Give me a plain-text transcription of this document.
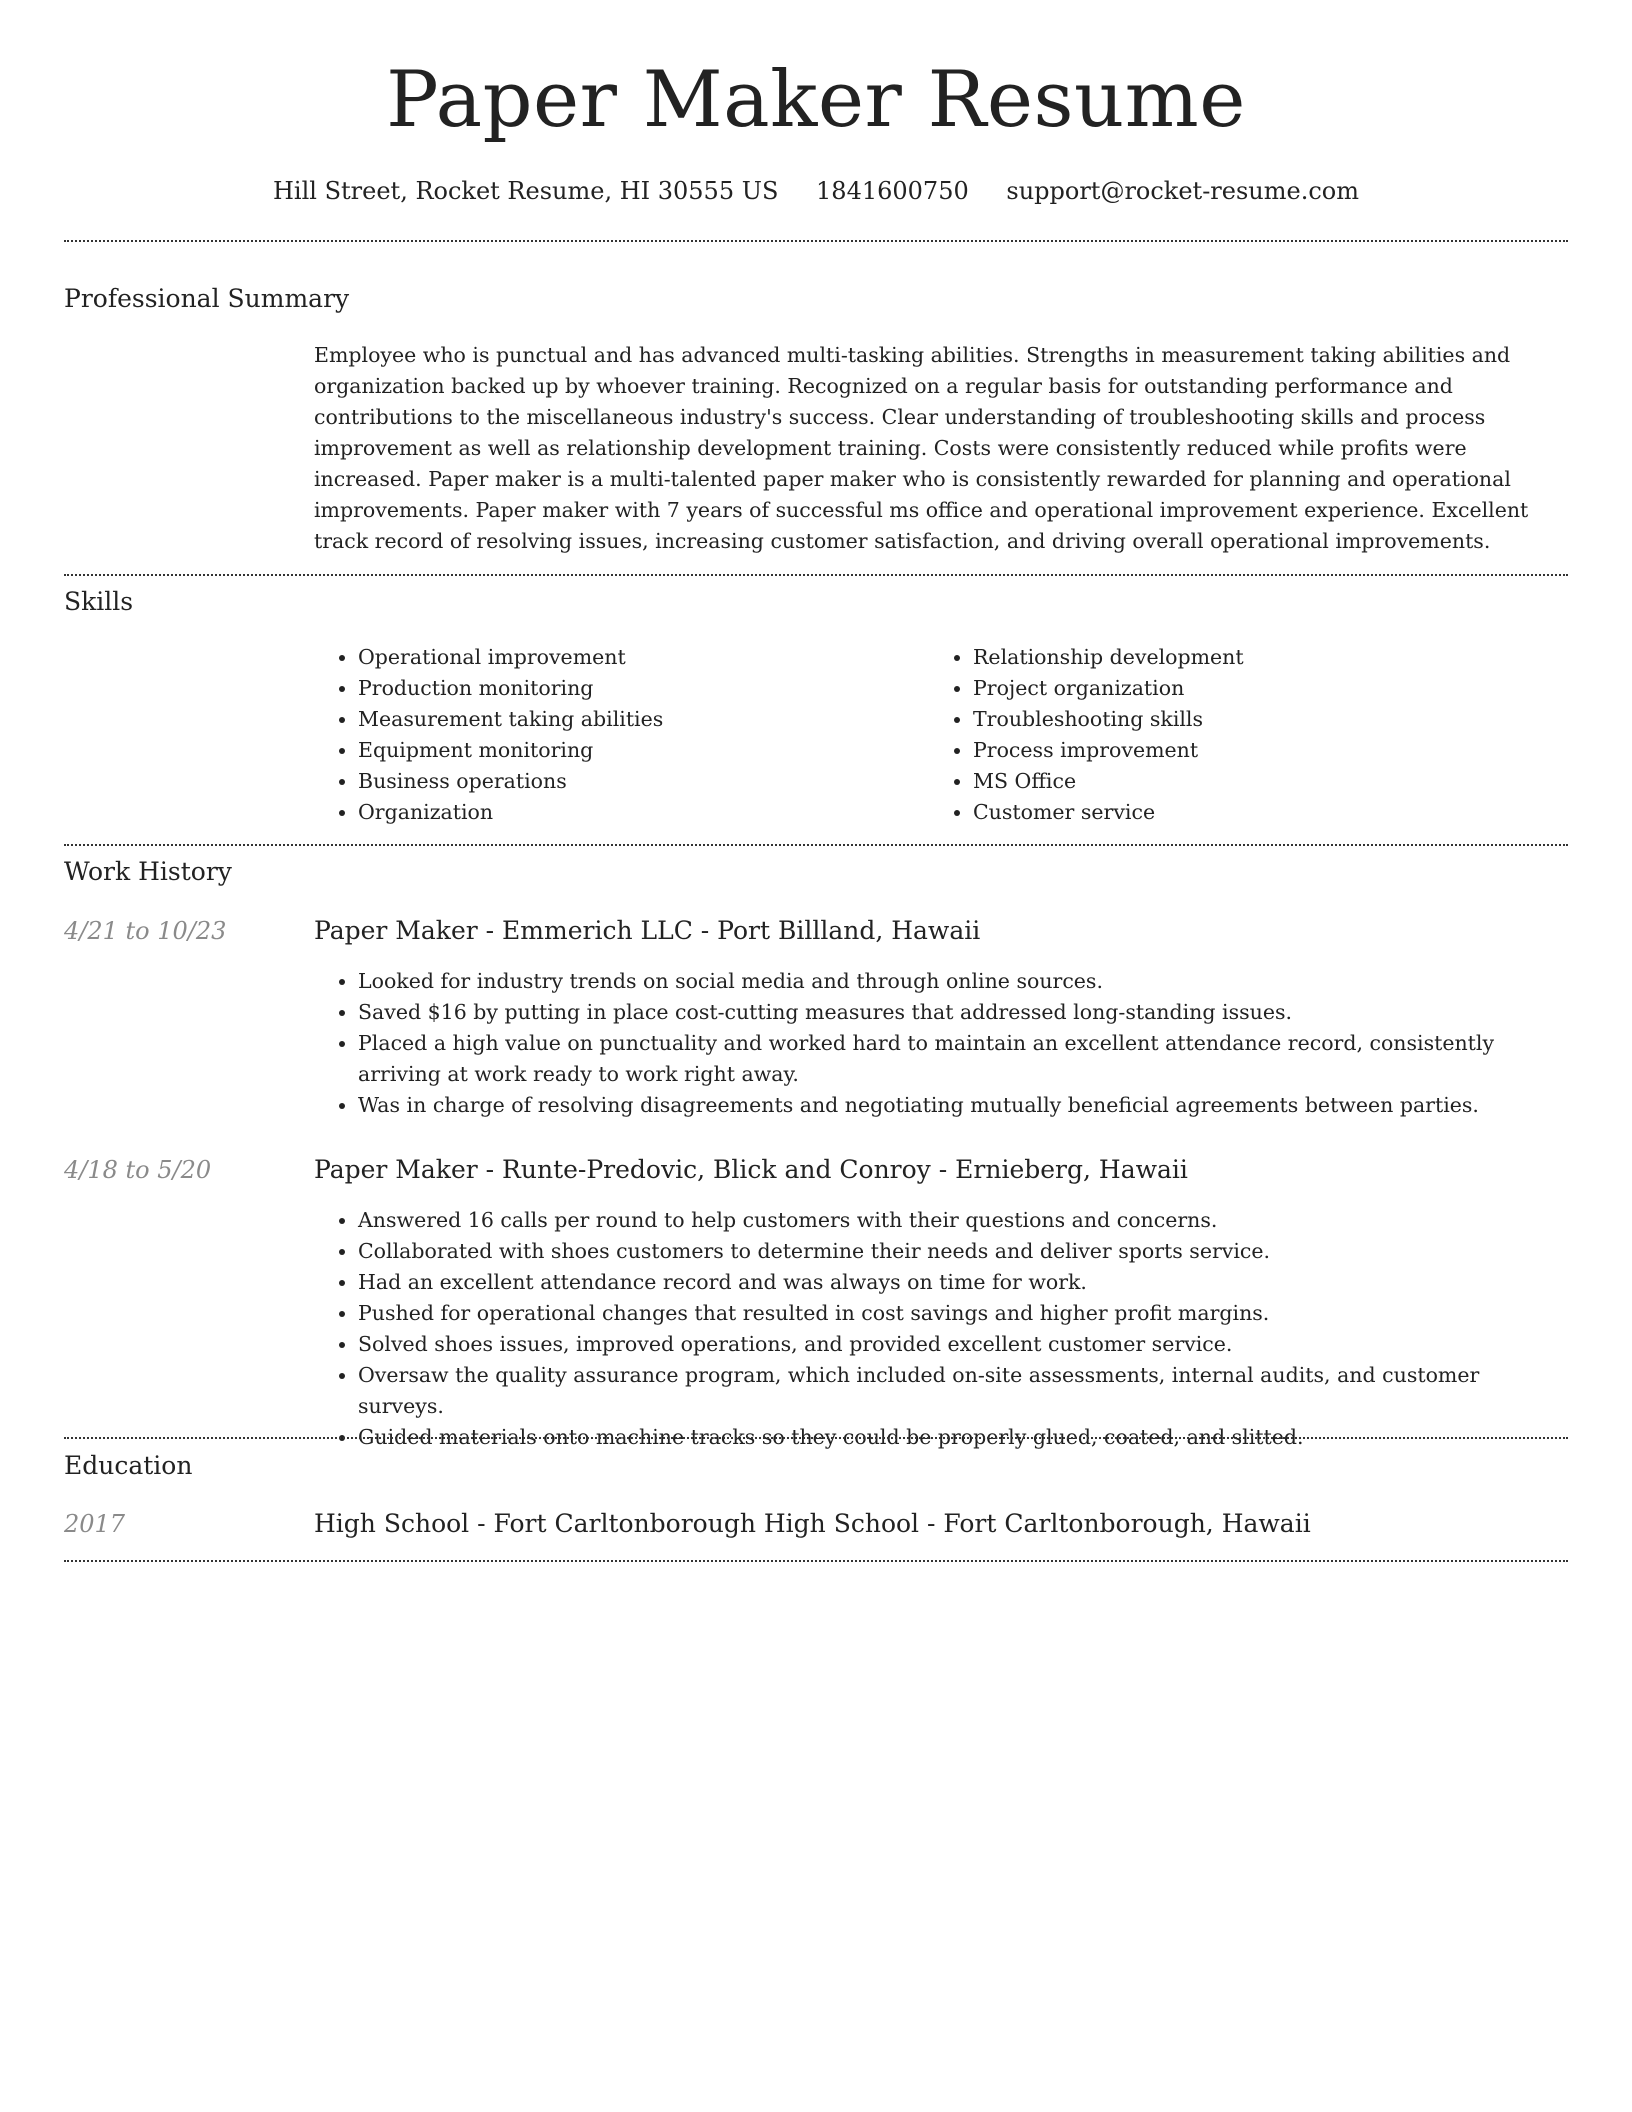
Paper Maker Resume
Hill Street, Rocket Resume, HI 30555 US 1841600750 support@rocket-resume.com
Professional Summary

Employee who is punctual and has advanced multi-tasking abilities. Strengths in measurement taking abilities and organization backed up by whoever training. Recognized on a regular basis for outstanding performance and contributions to the miscellaneous industry's success. Clear understanding of troubleshooting skills and process improvement as well as relationship development training. Costs were consistently reduced while profits were increased. Paper maker is a multi-talented paper maker who is consistently rewarded for planning and operational improvements. Paper maker with 7 years of successful ms office and operational improvement experience. Excellent track record of resolving issues, increasing customer satisfaction, and driving overall operational improvements.

Skills
• Operational improvement
• Production monitoring
• Measurement taking abilities
• Equipment monitoring
• Business operations
• Organization
• Relationship development
• Project organization
• Troubleshooting skills
• Process improvement
• MS Office
• Customer service
Work History
4/21 to 10/23	Paper Maker - Emmerich LLC - Port Billland, Hawaii
• Looked for industry trends on social media and through online sources.
• Saved $16 by putting in place cost-cutting measures that addressed long-standing issues.
• Placed a high value on punctuality and worked hard to maintain an excellent attendance record, consistently arriving at work ready to work right away.
• Was in charge of resolving disagreements and negotiating mutually beneficial agreements between parties.
4/18 to 5/20	Paper Maker - Runte-Predovic, Blick and Conroy - Ernieberg, Hawaii
• Answered 16 calls per round to help customers with their questions and concerns.
• Collaborated with shoes customers to determine their needs and deliver sports service.
• Had an excellent attendance record and was always on time for work.
• Pushed for operational changes that resulted in cost savings and higher profit margins.
• Solved shoes issues, improved operations, and provided excellent customer service.
• Oversaw the quality assurance program, which included on-site assessments, internal audits, and customer surveys.
• Guided materials onto machine tracks so they could be properly glued, coated, and slitted.
Education
2017	High School - Fort Carltonborough High School - Fort Carltonborough, Hawaii
